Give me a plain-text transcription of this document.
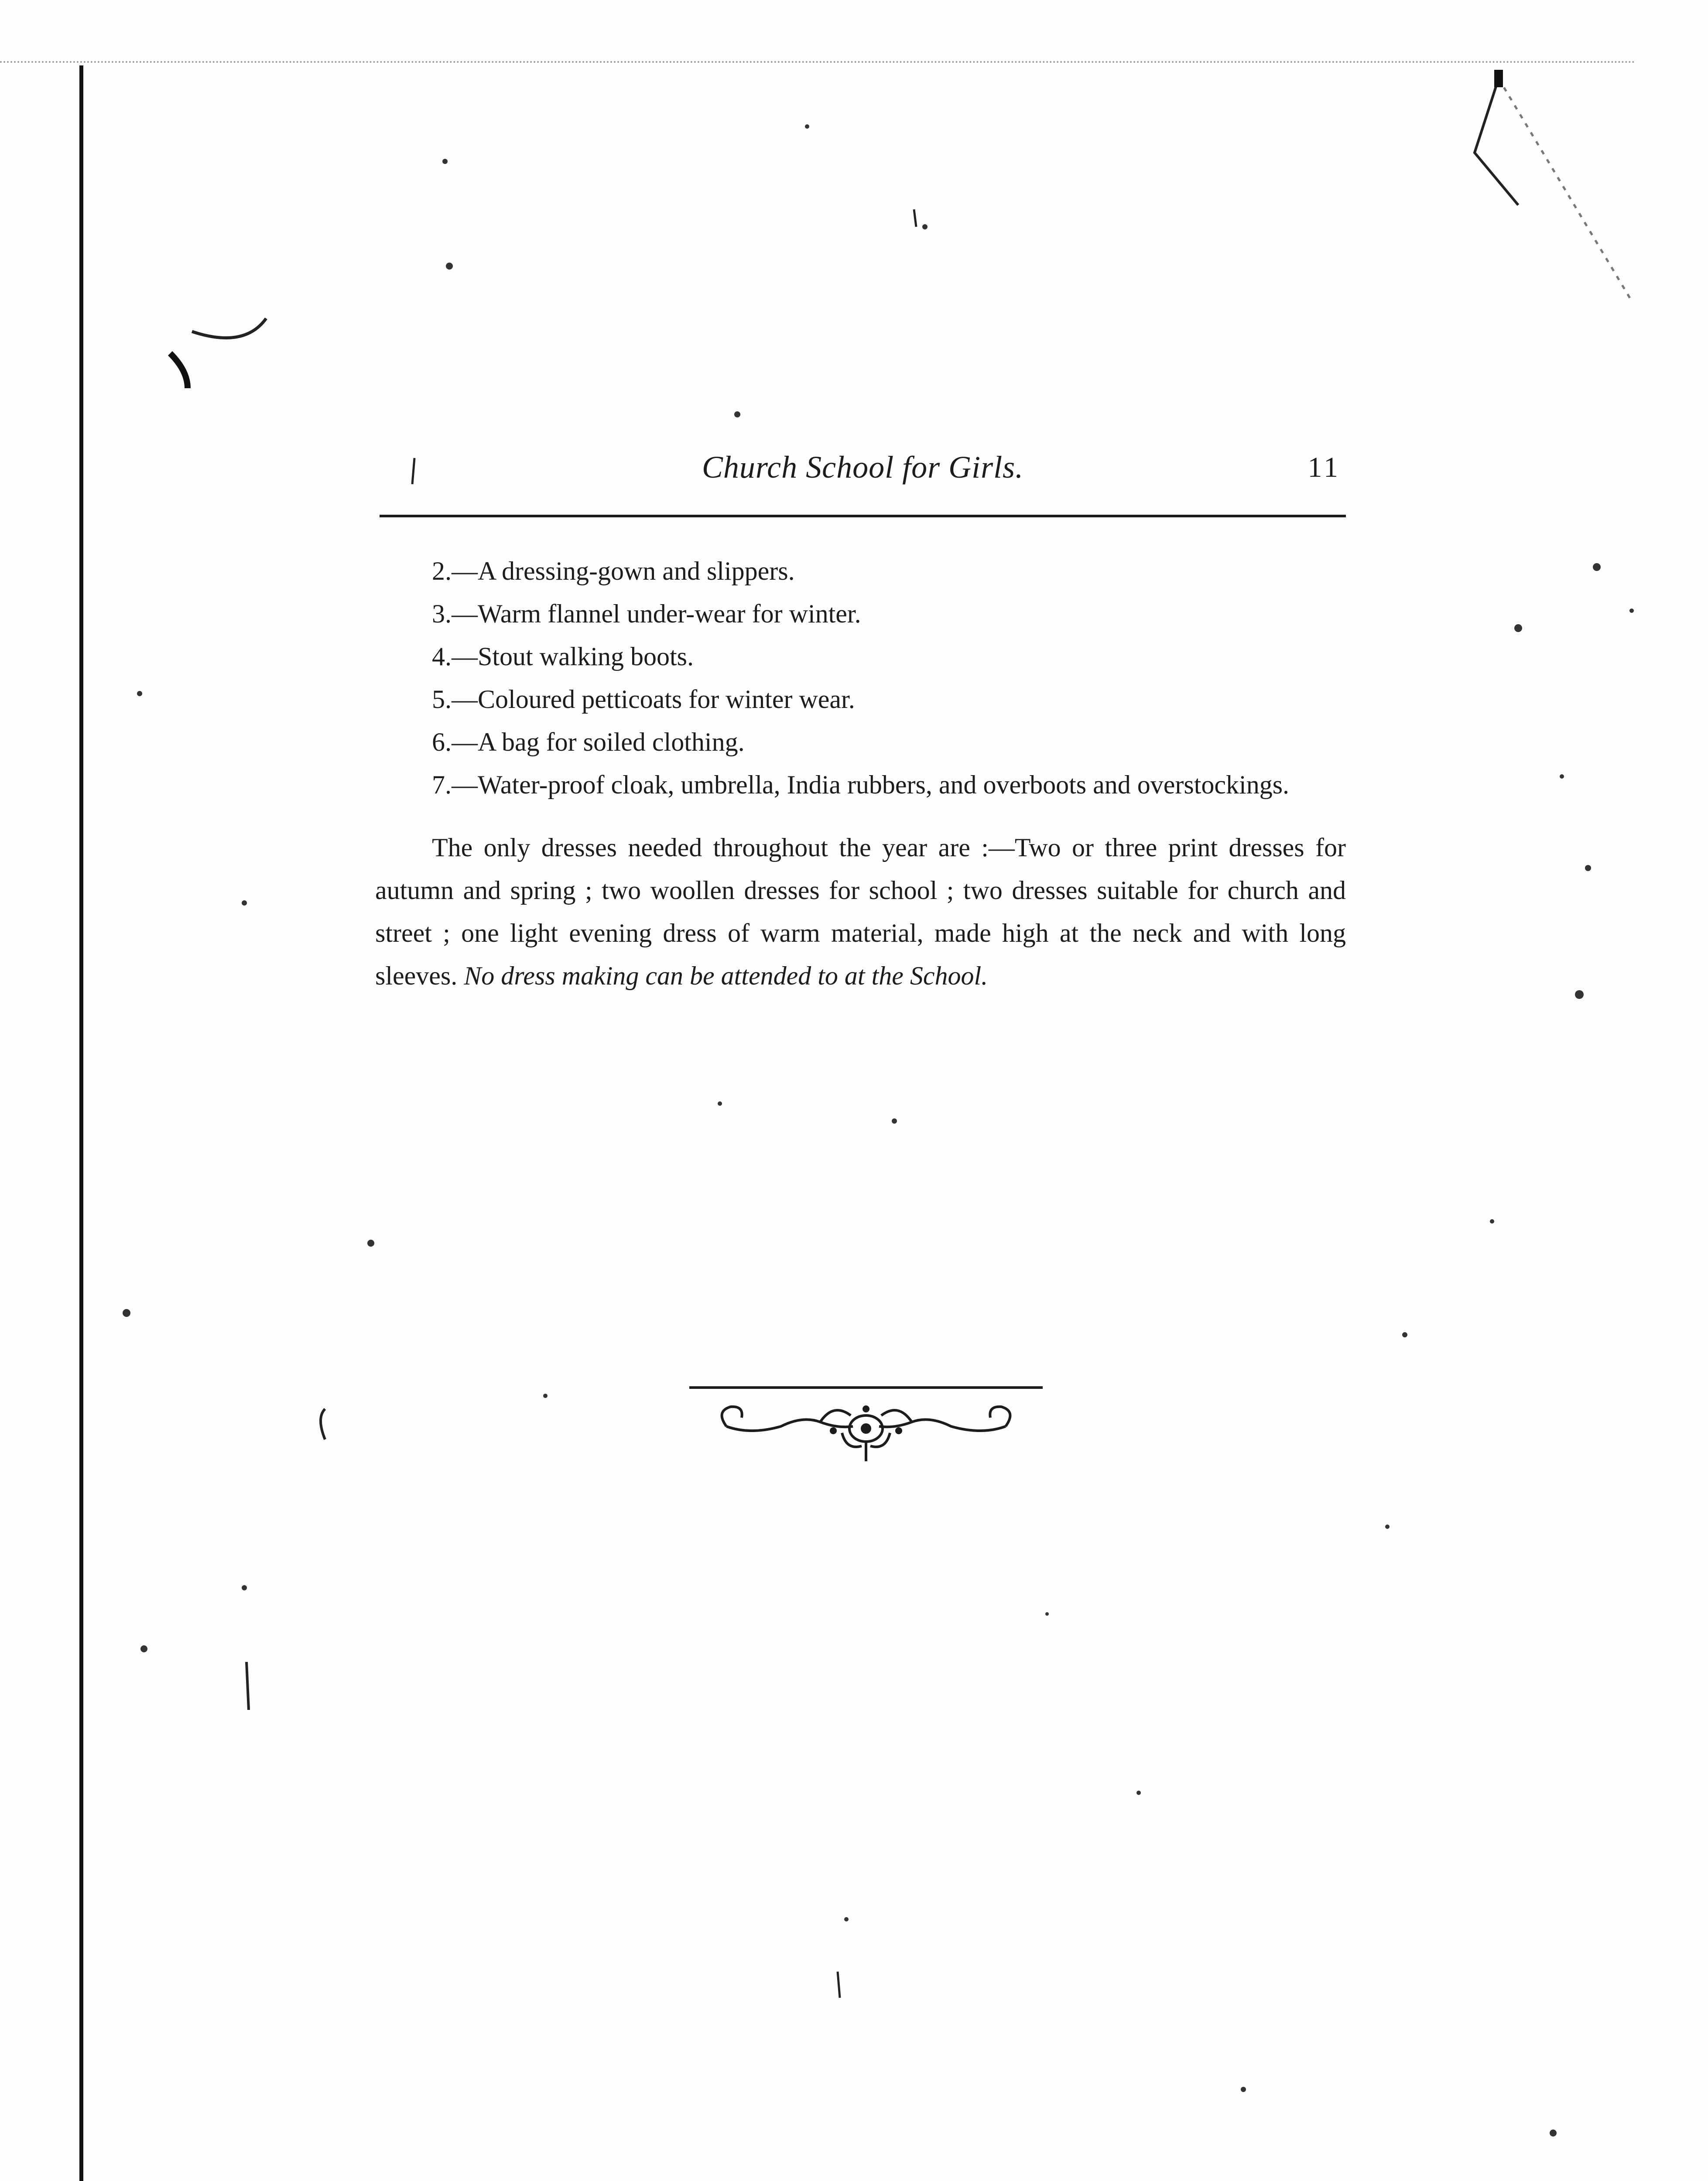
Church School for Girls.	11

2.—A dressing-gown and slippers.

3.—Warm flannel under-wear for winter.

4.—Stout walking boots.

5.—Coloured petticoats for winter wear.

6.—A bag for soiled clothing.

7.—Water-proof cloak, umbrella, India rubbers, and overboots and overstockings.

The only dresses needed throughout the year are :—Two or three print dresses for autumn and spring ; two woollen dresses for school ; two dresses suitable for church and street ; one light evening dress of warm material, made high at the neck and with long sleeves. No dress making can be attended to at the School.
